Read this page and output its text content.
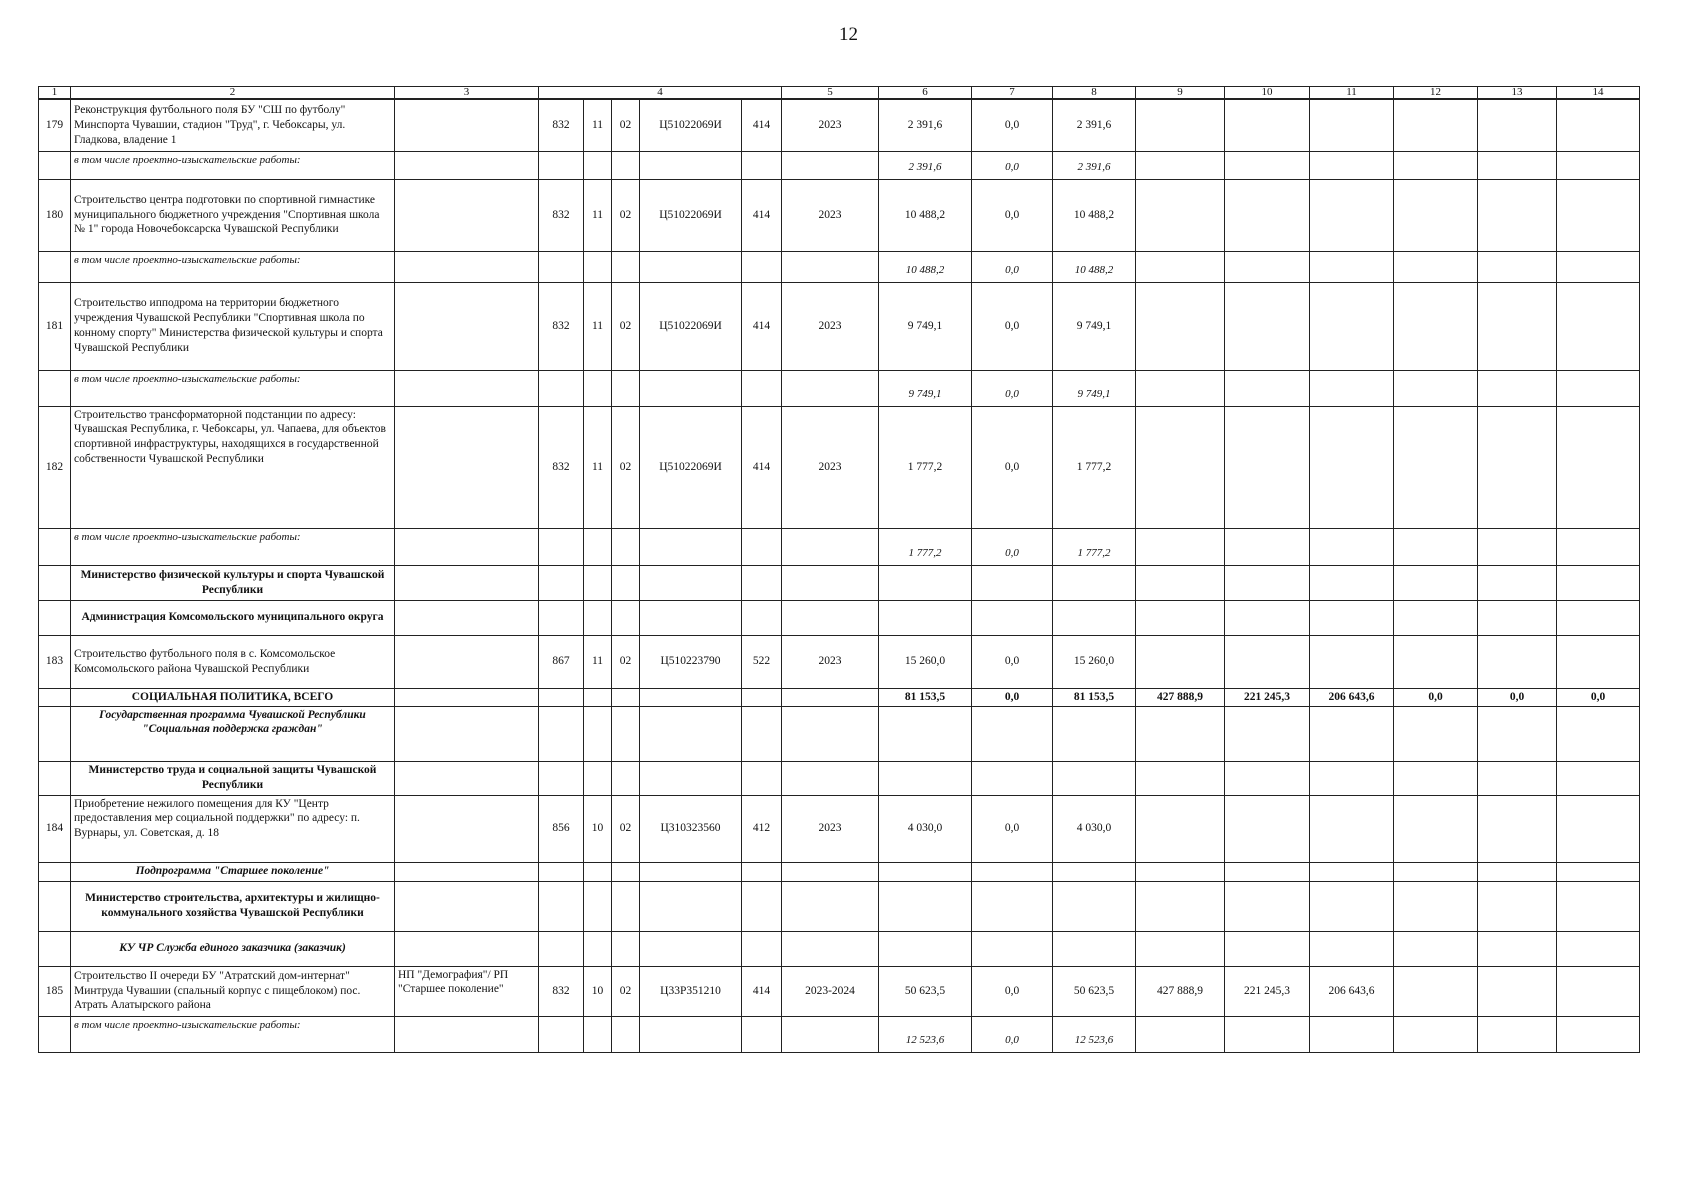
12
1	2	3	4					5	6	7	8	9	10	11	12	13	14
179	Реконструкция футбольного поля БУ "СШ по футболу" Минспорта Чувашии, стадион "Труд", г. Чебоксары, ул. Гладкова, владение 1		832	11	02	Ц51022069И	414	2023	2 391,6	0,0	2 391,6						
	в том числе проектно-изыскательские работы:								2 391,6	0,0	2 391,6						
180	Строительство центра подготовки по спортивной гимнастике муниципального бюджетного учреждения "Спортивная школа № 1" города Новочебоксарска Чувашской Республики		832	11	02	Ц51022069И	414	2023	10 488,2	0,0	10 488,2						
	в том числе проектно-изыскательские работы:								10 488,2	0,0	10 488,2						
181	Строительство ипподрома на территории бюджетного учреждения Чувашской Республики "Спортивная школа по конному спорту" Министерства физической культуры и спорта Чувашской Республики		832	11	02	Ц51022069И	414	2023	9 749,1	0,0	9 749,1						
	в том числе проектно-изыскательские работы:								9 749,1	0,0	9 749,1						
182	Строительство трансформаторной подстанции по адресу: Чувашская Республика, г. Чебоксары, ул. Чапаева, для объектов спортивной инфраструктуры, находящихся в государственной собственности Чувашской Республики		832	11	02	Ц51022069И	414	2023	1 777,2	0,0	1 777,2						
	в том числе проектно-изыскательские работы:								1 777,2	0,0	1 777,2						
	Министерство физической культуры и спорта Чувашской Республики																
	Администрация Комсомольского муниципального округа																
183	Строительство футбольного поля в с. Комсомольское Комсомольского района Чувашской Республики		867	11	02	Ц510223790	522	2023	15 260,0	0,0	15 260,0						
	СОЦИАЛЬНАЯ ПОЛИТИКА, ВСЕГО								81 153,5	0,0	81 153,5	427 888,9	221 245,3	206 643,6	0,0	0,0	0,0
	Государственная программа Чувашской Республики "Социальная поддержка граждан"																
	Министерство труда и социальной защиты Чувашской Республики																
184	Приобретение нежилого помещения для КУ "Центр предоставления мер социальной поддержки" по адресу: п. Вурнары, ул. Советская, д. 18		856	10	02	Ц310323560	412	2023	4 030,0	0,0	4 030,0						
	Подпрограмма "Старшее поколение"																
	Министерство строительства, архитектуры и жилищно-коммунального хозяйства Чувашской Республики																
	КУ ЧР Служба единого заказчика (заказчик)																
185	Строительство II очереди БУ "Атратский дом-интернат" Минтруда Чувашии (спальный корпус с пищеблоком) пос. Атрать Алатырского района	НП "Демография"/ РП "Старшее поколение"	832	10	02	Ц33Р351210	414	2023-2024	50 623,5	0,0	50 623,5	427 888,9	221 245,3	206 643,6			
	в том числе проектно-изыскательские работы:								12 523,6	0,0	12 523,6						
